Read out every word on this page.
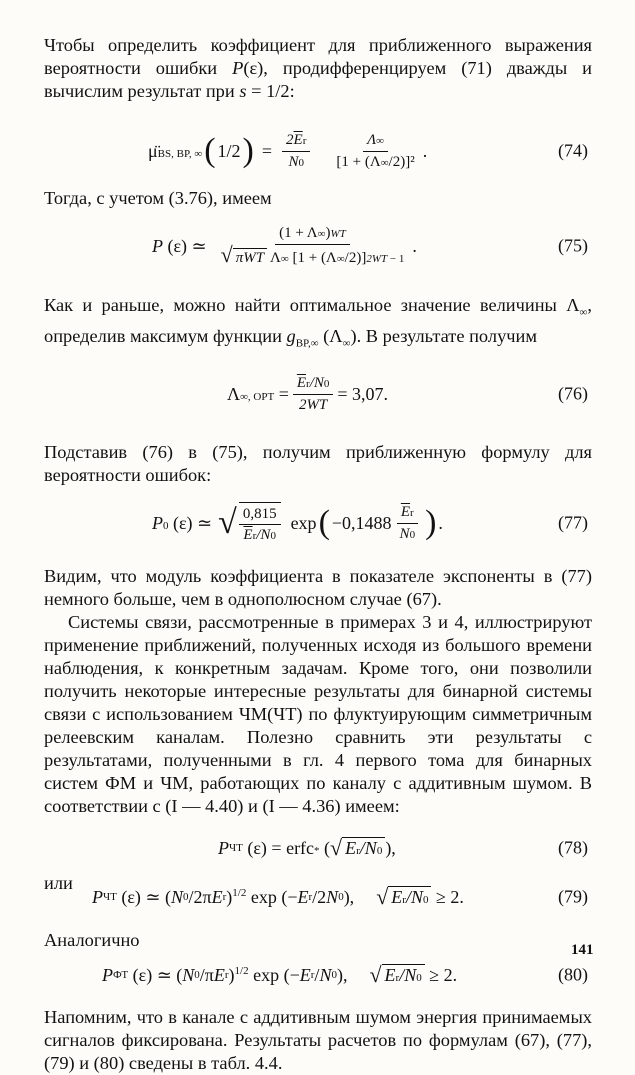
Чтобы определить коэффициент для приближенного выражения вероятности ошибки P(ε), продифференцируем (71) дважды и вычислим результат при s = 1/2:

μ̈BS, BP, ∞ ( 1/2 ) = $\frac{2\overline{E}r}{N0} \frac{\Lambda\infty}{\text{[1 + (Λ∞/2)]²}}$ .	(74)

Тогда, с учетом (3.76), имеем

P (ε) ≃ $\frac{(1 + \Lambda\infty)WT}{\text{√ πWT Λ∞ [1 + (Λ∞/2)]2WT − 1}}$ .	(75)

Как и раньше, можно найти оптимальное значение величины $\Lambda_\infty$, определив максимум функции $g_{BP,\infty}$ $(\Lambda_\infty)$. В результате получим

Λ∞, OPT = $\frac{\overline{E}r/N0}{2WT} = 3,07$.	(76)

Подставив (76) в (75), получим приближенную формулу для вероятности ошибок:

P 0 (ε) ≃ √ $\frac{0,815}{\overline{E}r/N0}$ exp ( $-0,1488 \frac{\overline{E}r}{N0}$ ) .	(77)

Видим, что модуль коэффициента в показателе экспоненты в (77) немного больше, чем в однополюсном случае (67).

Системы связи, рассмотренные в примерах 3 и 4, иллюстрируют применение приближений, полученных исходя из большого времени наблюдения, к конкретным задачам. Кроме того, они позволили получить некоторые интересные результаты для бинарной системы связи с использованием ЧМ(ЧТ) по флуктуирующим симметричным релеевским каналам. Полезно сравнить эти результаты с результатами, полученными в гл. 4 первого тома для бинарных систем ФМ и ЧМ, работающих по каналу с аддитивным шумом. В соответствии с (I — 4.40) и (I — 4.36) имеем:

P ЧТ (ε) = erfc* ( √ Er/N0 ),	(78)

или

P ЧТ (ε) ≃ ( N 0 /2π E r )$^{1/2}$ exp (− E r /2 N 0 ), √ Er/N0 ≥ 2.	(79)

Аналогично

P ФТ (ε) ≃ ( N 0 /π E r )$^{1/2}$ exp (− E r / N 0 ), √ Er/N0 ≥ 2.	(80)

Напомним, что в канале с аддитивным шумом энергия принимаемых сигналов фиксирована. Результаты расчетов по формулам (67), (77), (79) и (80) сведены в табл. 4.4.

141
